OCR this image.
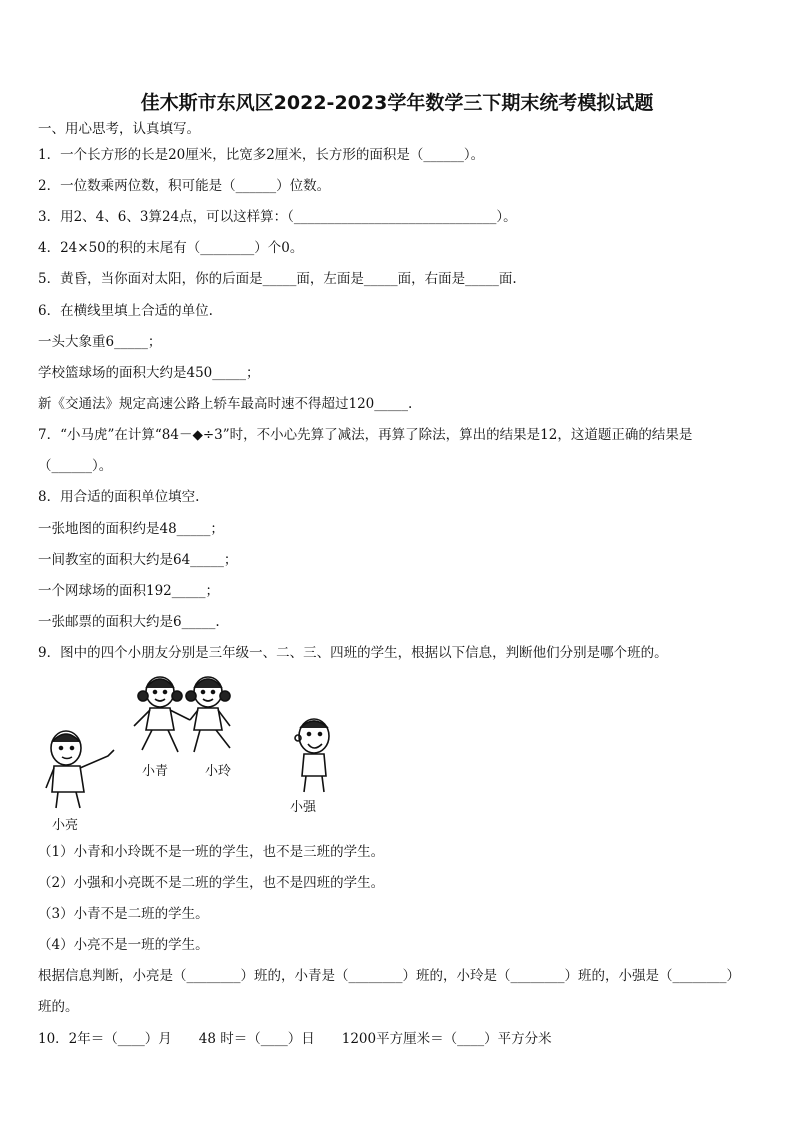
佳木斯市东风区2022-2023学年数学三下期末统考模拟试题
一、用心思考，认真填写。
1．一个长方形的长是20厘米，比宽多2厘米，长方形的面积是（______）。
2．一位数乘两位数，积可能是（______）位数。
3．用2、4、6、3算24点，可以这样算：（______________________________）。
4．24×50的积的末尾有（________）个0。
5．黄昏，当你面对太阳，你的后面是_____面，左面是_____面，右面是_____面.
6．在横线里填上合适的单位.
一头大象重6_____；
学校篮球场的面积大约是450_____；
新《交通法》规定高速公路上轿车最高时速不得超过120_____.
7．“小马虎”在计算“84－◆÷3”时，不小心先算了减法，再算了除法，算出的结果是12，这道题正确的结果是
（______）。
8．用合适的面积单位填空.
一张地图的面积约是48_____；
一间教室的面积大约是64_____；
一个网球场的面积192_____；
一张邮票的面积大约是6_____.
9．图中的四个小朋友分别是三年级一、二、三、四班的学生，根据以下信息，判断他们分别是哪个班的。
小青	小玲
小强
小亮
（1）小青和小玲既不是一班的学生，也不是三班的学生。
（2）小强和小亮既不是二班的学生，也不是四班的学生。
（3）小青不是二班的学生。
（4）小亮不是一班的学生。
根据信息判断，小亮是（________）班的，小青是（________）班的，小玲是（________）班的，小强是（________）
班的。
10．2年＝（____）月　　48 时＝（____）日　　1200平方厘米＝（____）平方分米
